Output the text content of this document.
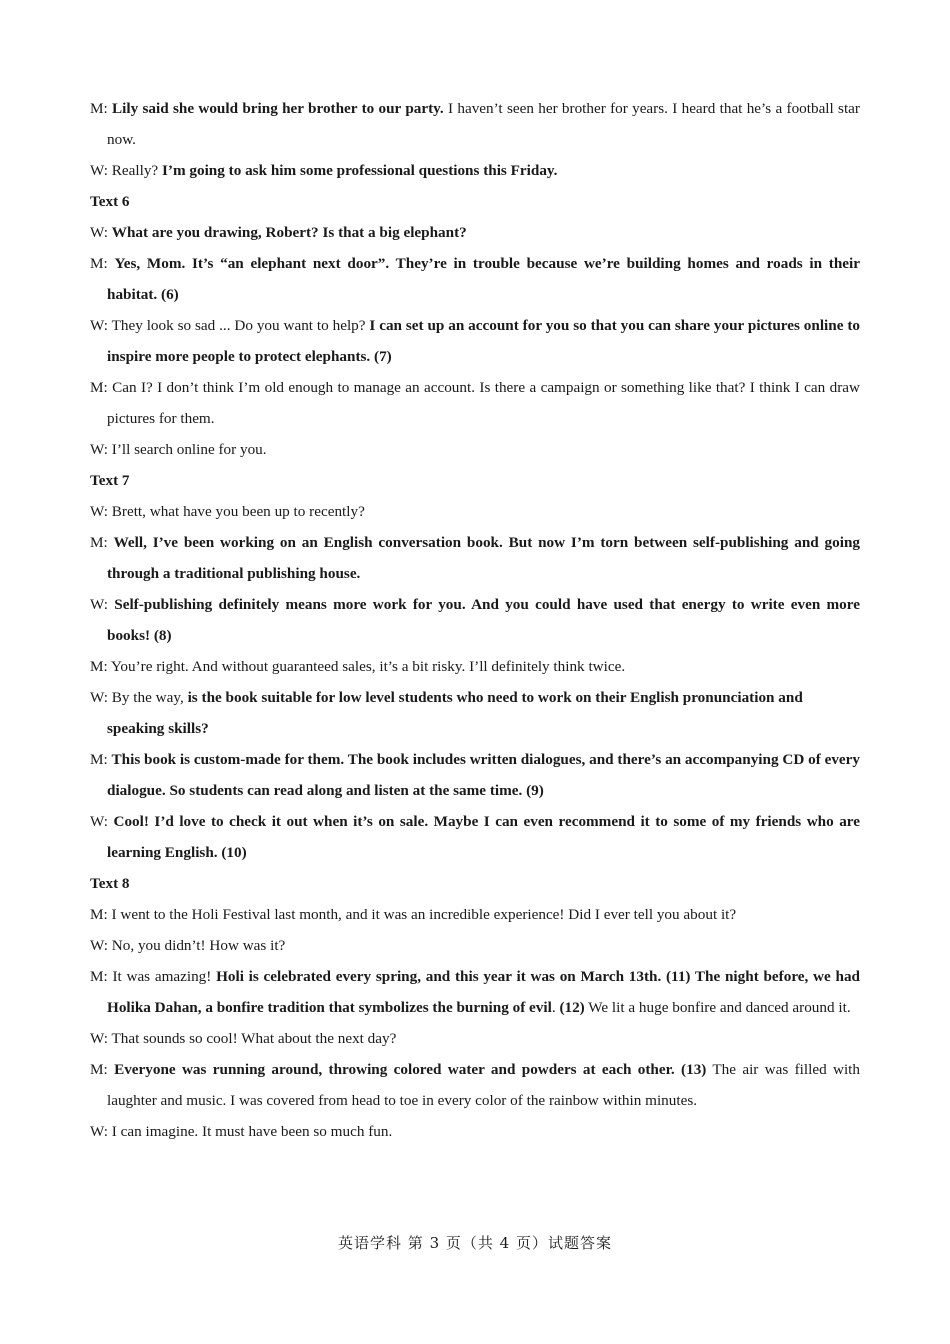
M: Lily said she would bring her brother to our party. I haven’t seen her brother for years. I heard that he’s a football star now.
W: Really? I’m going to ask him some professional questions this Friday.
Text 6
W: What are you drawing, Robert? Is that a big elephant?
M: Yes, Mom. It’s “an elephant next door”. They’re in trouble because we’re building homes and roads in their habitat. (6)
W: They look so sad ... Do you want to help? I can set up an account for you so that you can share your pictures online to inspire more people to protect elephants. (7)
M: Can I? I don’t think I’m old enough to manage an account. Is there a campaign or something like that? I think I can draw pictures for them.
W: I’ll search online for you.
Text 7
W: Brett, what have you been up to recently?
M: Well, I’ve been working on an English conversation book. But now I’m torn between self-publishing and going through a traditional publishing house.
W: Self-publishing definitely means more work for you. And you could have used that energy to write even more books! (8)
M: You’re right. And without guaranteed sales, it’s a bit risky. I’ll definitely think twice.
W: By the way, is the book suitable for low level students who need to work on their English pronunciation and
speaking skills?
M: This book is custom-made for them. The book includes written dialogues, and there’s an accompanying CD of every dialogue. So students can read along and listen at the same time. (9)
W: Cool! I’d love to check it out when it’s on sale. Maybe I can even recommend it to some of my friends who are learning English. (10)
Text 8
M: I went to the Holi Festival last month, and it was an incredible experience! Did I ever tell you about it?
W: No, you didn’t! How was it?
M: It was amazing! Holi is celebrated every spring, and this year it was on March 13th. (11) The night before, we had Holika Dahan, a bonfire tradition that symbolizes the burning of evil. (12) We lit a huge bonfire and danced around it.
W: That sounds so cool! What about the next day?
M: Everyone was running around, throwing colored water and powders at each other. (13) The air was filled with laughter and music. I was covered from head to toe in every color of the rainbow within minutes.
W: I can imagine. It must have been so much fun.
英语学科 第 3 页（共 4 页）试题答案
